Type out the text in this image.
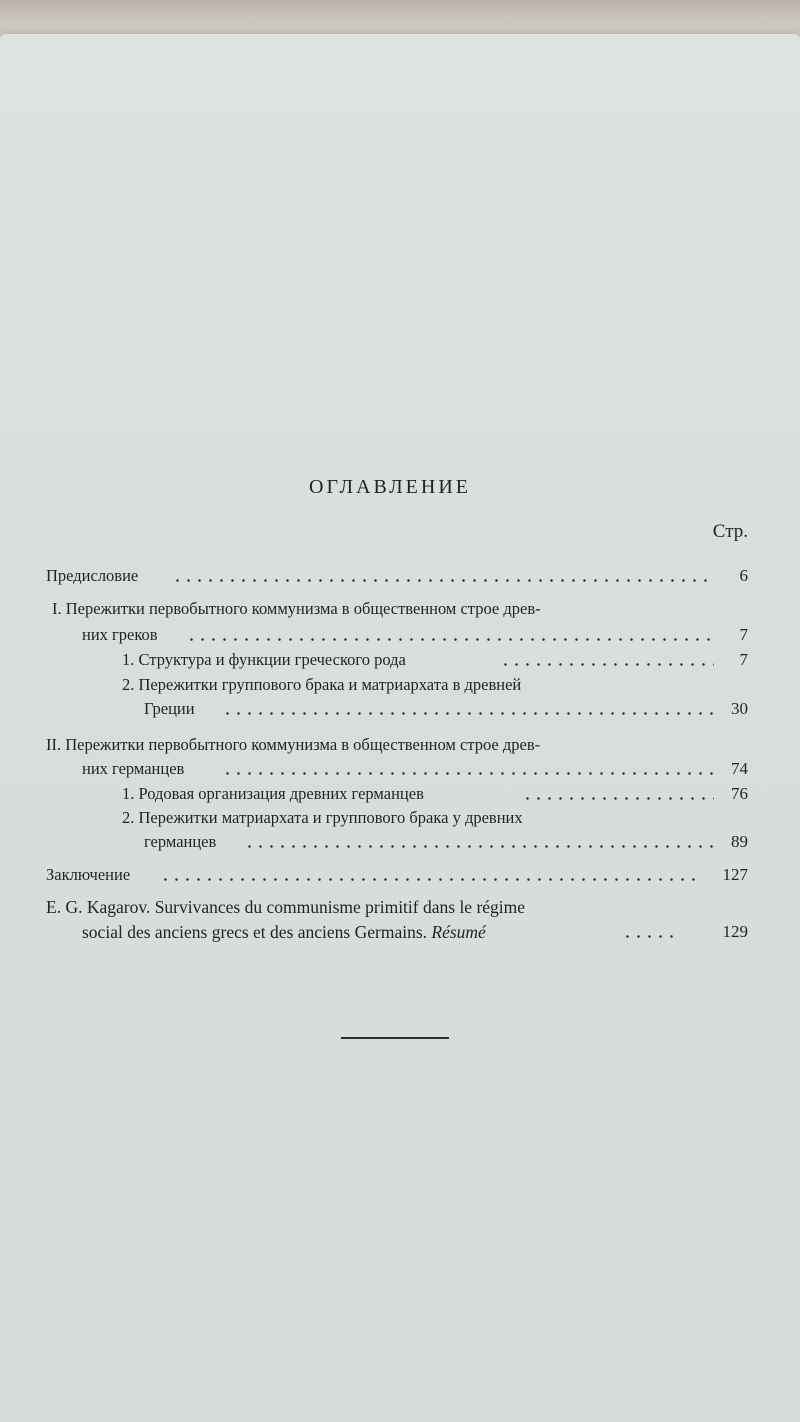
ОГЛАВЛЕНИЕ
Стр.
Предисловие	6
I. Пережитки первобытного коммунизма в общественном строе древ-
них греков	7
1. Структура и функции греческого рода	7
2. Пережитки группового брака и матриархата в древней
Греции	30
II. Пережитки первобытного коммунизма в общественном строе древ-
них германцев	74
1. Родовая организация древних германцев	76
2. Пережитки матриархата и группового брака у древних
германцев	89
Заключение	127
E. G. Kagarov. Survivances du communisme primitif dans le régime
social des anciens grecs et des anciens Germains. Résumé	129
